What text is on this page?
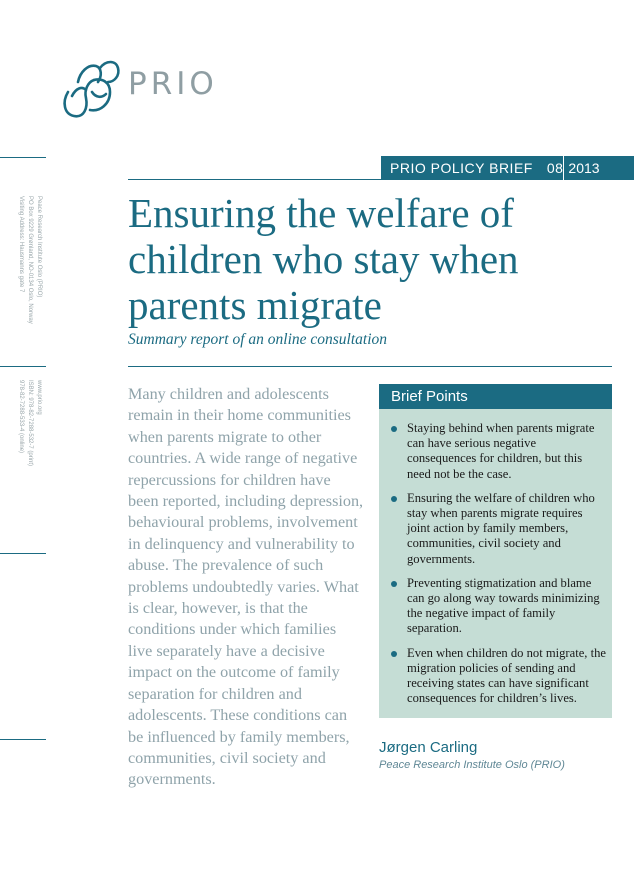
PRIO
PRIO POLICY BRIEF 08 2013
Ensuring the welfare of children who stay when parents migrate
Summary report of an online consultation
Peace Research Institute Oslo (PRIO)
PO Box 9229 Grønland, NO-0134 Oslo, Norway
Visiting Address: Hausmanns gate 7
www.prio.org
ISBN: 978-82-7288-532-7 (print)
978-82-7288-533-4 (online)	Many children and adolescents remain in their home communities when parents migrate to other countries. A wide range of negative repercussions for children have been reported, including depression, behavioural problems, involvement in delinquency and vulnerability to abuse. The prevalence of such problems undoubtedly varies. What is clear, however, is that the conditions under which families live separately have a decisive impact on the outcome of family separation for children and adolescents. These conditions can be influenced by family members, communities, civil society and governments.
Brief Points
Staying behind when parents migrate can have serious negative consequences for children, but this need not be the case.
Ensuring the welfare of children who stay when parents migrate requires joint action by family members, communities, civil society and governments.
Preventing stigmatization and blame can go along way towards minimizing the negative impact of family separation.
Even when children do not migrate, the migration policies of sending and receiving states can have significant consequences for children’s lives.
Jørgen Carling
Peace Research Institute Oslo (PRIO)
